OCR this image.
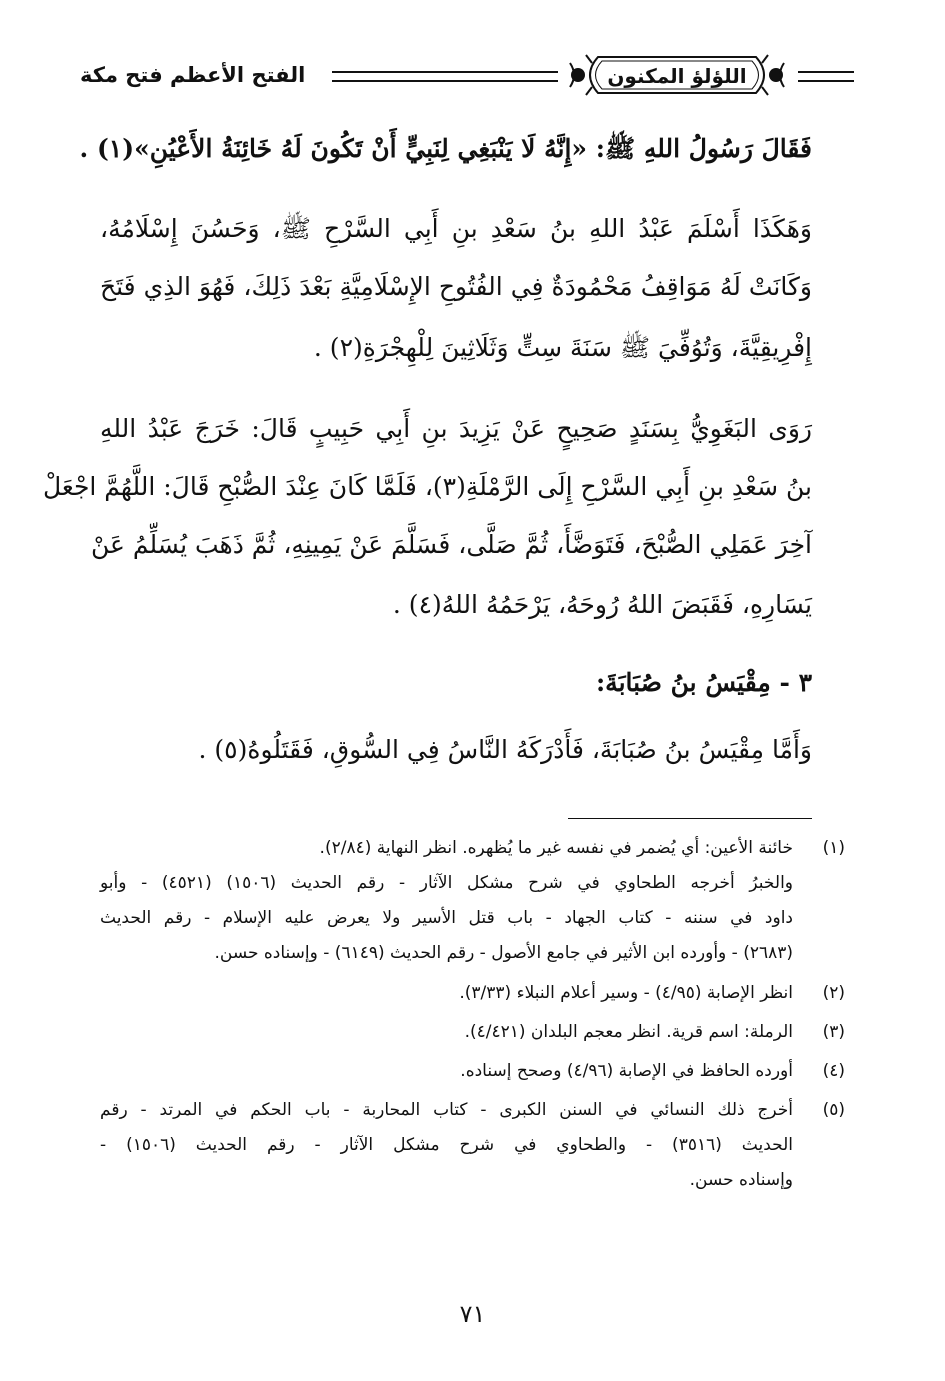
اللؤلؤ المكنون
الفتح الأعظم فتح مكة
فَقَالَ رَسُولُ اللهِ ﷺ: «إِنَّهُ لَا يَنْبَغِي لِنَبِيٍّ أَنْ تَكُونَ لَهُ خَائِنَةُ الأَعْيُنِ»(١) .
وَهَكَذَا أَسْلَمَ عَبْدُ اللهِ بنُ سَعْدِ بنِ أَبِي السَّرْحِ ﷺ، وَحَسُنَ إِسْلَامُهُ،
وَكَانَتْ لَهُ مَوَاقِفُ مَحْمُودَةٌ فِي الفُتُوحِ الإِسْلَامِيَّةِ بَعْدَ ذَلِكَ، فَهُوَ الذِي فَتَحَ
إِفْرِيقِيَّةَ، وَتُوُفِّيَ ﷺ سَنَةَ سِتٍّ وَثَلَاثِينَ لِلْهِجْرَةِ(٢) .
رَوَى البَغَوِيُّ بِسَنَدٍ صَحِيحٍ عَنْ يَزِيدَ بنِ أَبِي حَبِيبٍ قَالَ: خَرَجَ عَبْدُ اللهِ
بنُ سَعْدِ بنِ أَبِي السَّرْحِ إِلَى الرَّمْلَةِ(٣)، فَلَمَّا كَانَ عِنْدَ الصُّبْحِ قَالَ: اللَّهُمَّ اجْعَلْ
آخِرَ عَمَلِي الصُّبْحَ، فَتَوَضَّأَ، ثُمَّ صَلَّى، فَسَلَّمَ عَنْ يَمِينِهِ، ثُمَّ ذَهَبَ يُسَلِّمُ عَنْ
يَسَارِهِ، فَقَبَضَ اللهُ رُوحَهُ، يَرْحَمُهُ اللهُ(٤) .
٣ - مِقْيَسُ بنُ صُبَابَةَ:
وَأَمَّا مِقْيَسُ بنُ صُبَابَةَ، فَأَدْرَكَهُ النَّاسُ فِي السُّوقِ، فَقَتَلُوهُ(٥) .
(١)
خائنة الأعين: أي يُضمر في نفسه غير ما يُظهره. انظر النهاية (٢/٨٤).
والخبرُ أخرجه الطحاوي في شرح مشكل الآثار - رقم الحديث (١٥٠٦) (٤٥٢١) - وأبو
داود في سننه - كتاب الجهاد - باب قتل الأسير ولا يعرض عليه الإسلام - رقم الحديث
(٢٦٨٣) - وأورده ابن الأثير في جامع الأصول - رقم الحديث (٦١٤٩) - وإسناده حسن.
(٢)
انظر الإصابة (٤/٩٥) - وسير أعلام النبلاء (٣/٣٣).
(٣)
الرملة: اسم قرية. انظر معجم البلدان (٤/٤٢١).
(٤)
أورده الحافظ في الإصابة (٤/٩٦) وصحح إسناده.
(٥)
أخرج ذلك النسائي في السنن الكبرى - كتاب المحاربة - باب الحكم في المرتد - رقم
الحديث (٣٥١٦) - والطحاوي في شرح مشكل الآثار - رقم الحديث (١٥٠٦) -
وإسناده حسن.
٧١
